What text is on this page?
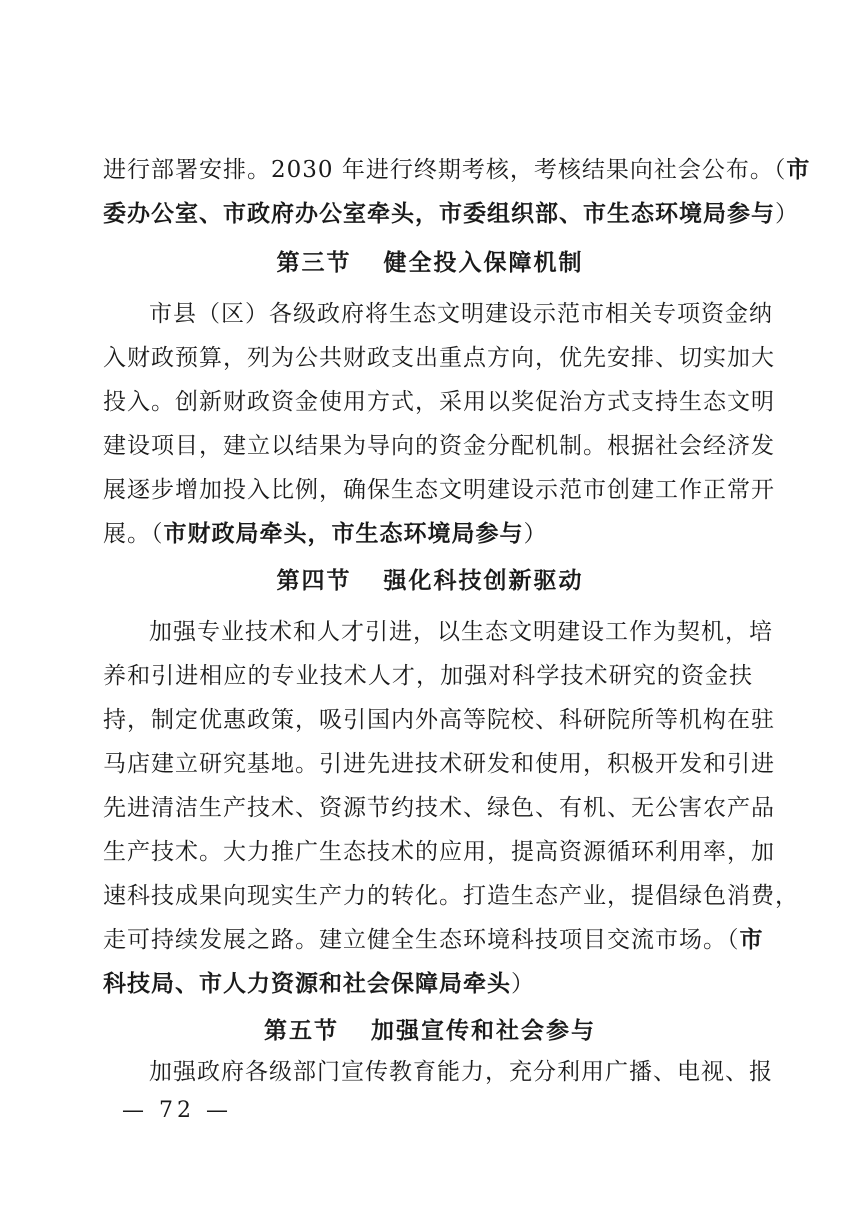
进行部署安排。2030 年进行终期考核，考核结果向社会公布。（市
委办公室、市政府办公室牵头，市委组织部、市生态环境局参与）
第三节 健全投入保障机制
市县（区）各级政府将生态文明建设示范市相关专项资金纳
入财政预算，列为公共财政支出重点方向，优先安排、切实加大
投入。创新财政资金使用方式，采用以奖促治方式支持生态文明
建设项目，建立以结果为导向的资金分配机制。根据社会经济发
展逐步增加投入比例，确保生态文明建设示范市创建工作正常开
展。（市财政局牵头，市生态环境局参与）
第四节 强化科技创新驱动
加强专业技术和人才引进，以生态文明建设工作为契机，培
养和引进相应的专业技术人才，加强对科学技术研究的资金扶
持，制定优惠政策，吸引国内外高等院校、科研院所等机构在驻
马店建立研究基地。引进先进技术研发和使用，积极开发和引进
先进清洁生产技术、资源节约技术、绿色、有机、无公害农产品
生产技术。大力推广生态技术的应用，提高资源循环利用率，加
速科技成果向现实生产力的转化。打造生态产业，提倡绿色消费，
走可持续发展之路。建立健全生态环境科技项目交流市场。（市
科技局、市人力资源和社会保障局牵头）
第五节 加强宣传和社会参与
加强政府各级部门宣传教育能力，充分利用广播、电视、报
— 72 —
